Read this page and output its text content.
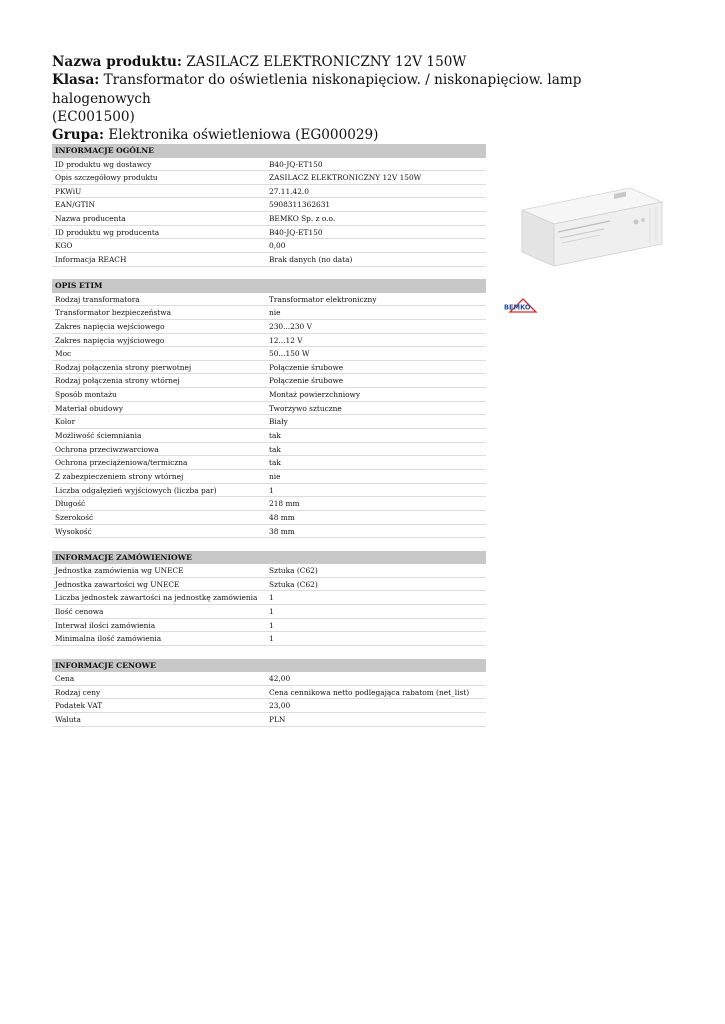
Nazwa produktu: ZASILACZ ELEKTRONICZNY 12V 150W
Klasa: Transformator do oświetlenia niskonapięciow. / niskonapięciow. lamp halogenowych
(EC001500)
Grupa: Elektronika oświetleniowa (EG000029)
INFORMACJE OGÓLNE
ID produktu wg dostawcy	B40-JQ-ET150
Opis szczegółowy produktu	ZASILACZ ELEKTRONICZNY 12V 150W
PKWiU	27.11.42.0
EAN/GTIN	5908311362631
Nazwa producenta	BEMKO Sp. z o.o.
ID produktu wg producenta	B40-JQ-ET150
KGO	0,00
Informacja REACH	Brak danych (no data)
OPIS ETIM
Rodzaj transformatora	Transformator elektroniczny
Transformator bezpieczeństwa	nie
Zakres napięcia wejściowego	230...230 V
Zakres napięcia wyjściowego	12...12 V
Moc	50...150 W
Rodzaj połączenia strony pierwotnej	Połączenie śrubowe
Rodzaj połączenia strony wtórnej	Połączenie śrubowe
Sposób montażu	Montaż powierzchniowy
Materiał obudowy	Tworzywo sztuczne
Kolor	Biały
Możliwość ściemniania	tak
Ochrona przeciwzwarciowa	tak
Ochrona przeciążeniowa/termiczna	tak
Z zabezpieczeniem strony wtórnej	nie
Liczba odgałęzień wyjściowych (liczba par)	1
Długość	218 mm
Szerokość	48 mm
Wysokość	38 mm
INFORMACJE ZAMÓWIENIOWE
Jednostka zamówienia wg UNECE	Sztuka (C62)
Jednostka zawartości wg UNECE	Sztuka (C62)
Liczba jednostek zawartości na jednostkę zamówienia	1
Ilość cenowa	1
Interwał ilości zamówienia	1
Minimalna ilość zamówienia	1
INFORMACJE CENOWE
Cena	42,00
Rodzaj ceny	Cena cennikowa netto podlegająca rabatom (net_list)
Podatek VAT	23,00
Waluta	PLN
BEMKO
